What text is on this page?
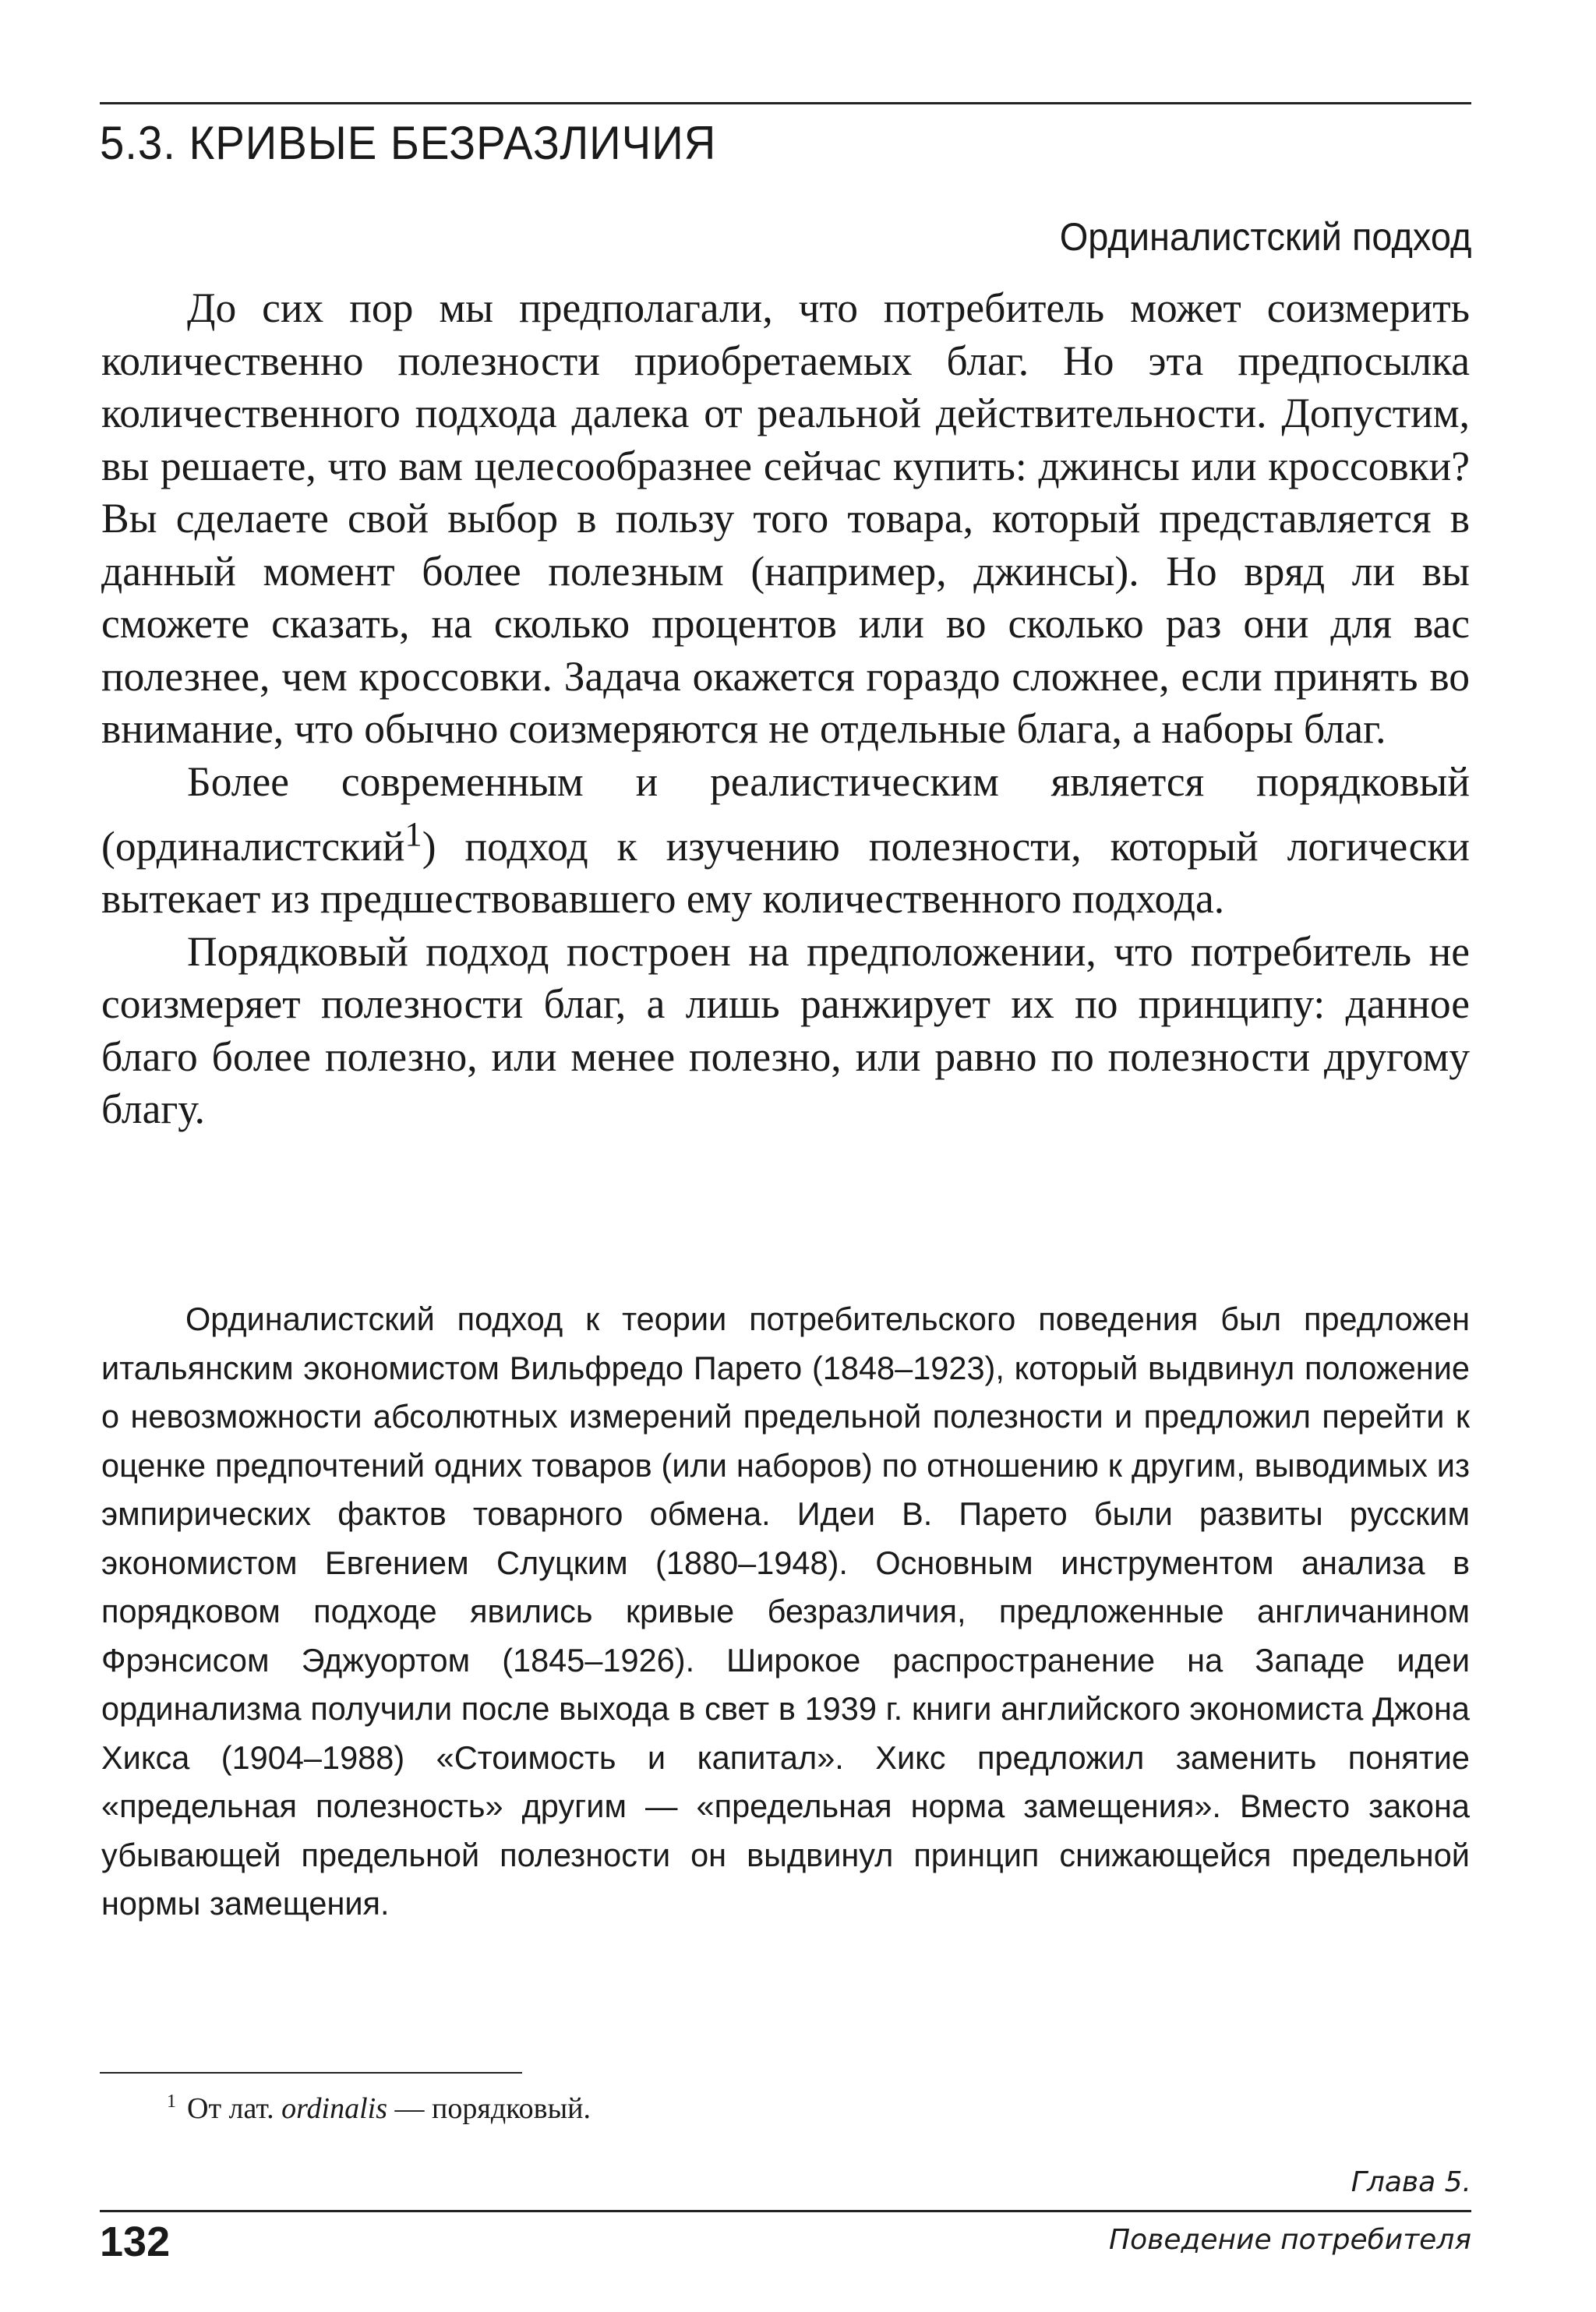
5.3. КРИВЫЕ БЕЗРАЗЛИЧИЯ
Ординалистский подход

До сих пор мы предполагали, что потребитель может соизмерить количественно полезности приобретаемых благ. Но эта предпосылка количественного подхода далека от реальной действительности. Допустим, вы решаете, что вам целесообразнее сейчас купить: джинсы или кроссовки? Вы сделаете свой выбор в пользу того товара, который представляется в данный момент более полезным (например, джинсы). Но вряд ли вы сможете сказать, на сколько процентов или во сколько раз они для вас полезнее, чем кроссовки. Задача окажется гораздо сложнее, если принять во внимание, что обычно соизмеряются не отдельные блага, а наборы благ.

Более современным и реалистическим является порядковый (ординалистский$^1$) подход к изучению полезности, который логически вытекает из предшествовавшего ему количественного подхода.

Порядковый подход построен на предположении, что потребитель не соизмеряет полезности благ, а лишь ранжирует их по принципу: данное благо более полезно, или менее полезно, или равно по полезности другому благу.

Ординалистский подход к теории потребительского поведения был предложен итальянским экономистом Вильфредо Парето (1848–1923), который выдвинул положение о невозможности абсолютных измерений предельной полезности и предложил перейти к оценке предпочтений одних товаров (или наборов) по отношению к другим, выводимых из эмпирических фактов товарного обмена. Идеи В. Парето были развиты русским экономистом Евгением Слуцким (1880–1948). Основным инструментом анализа в порядковом подходе явились кривые безразличия, предложенные англичанином Фрэнсисом Эджуортом (1845–1926). Широкое распространение на Западе идеи ординализма получили после выхода в свет в 1939 г. книги английского экономиста Джона Хикса (1904–1988) «Стоимость и капитал». Хикс предложил заменить понятие «предельная полезность» другим — «предельная норма замещения». Вместо закона убывающей предельной полезности он выдвинул принцип снижающейся предельной нормы замещения.

$^1$ От лат. ordinalis — порядковый.

Глава 5.

132	Поведение потребителя
